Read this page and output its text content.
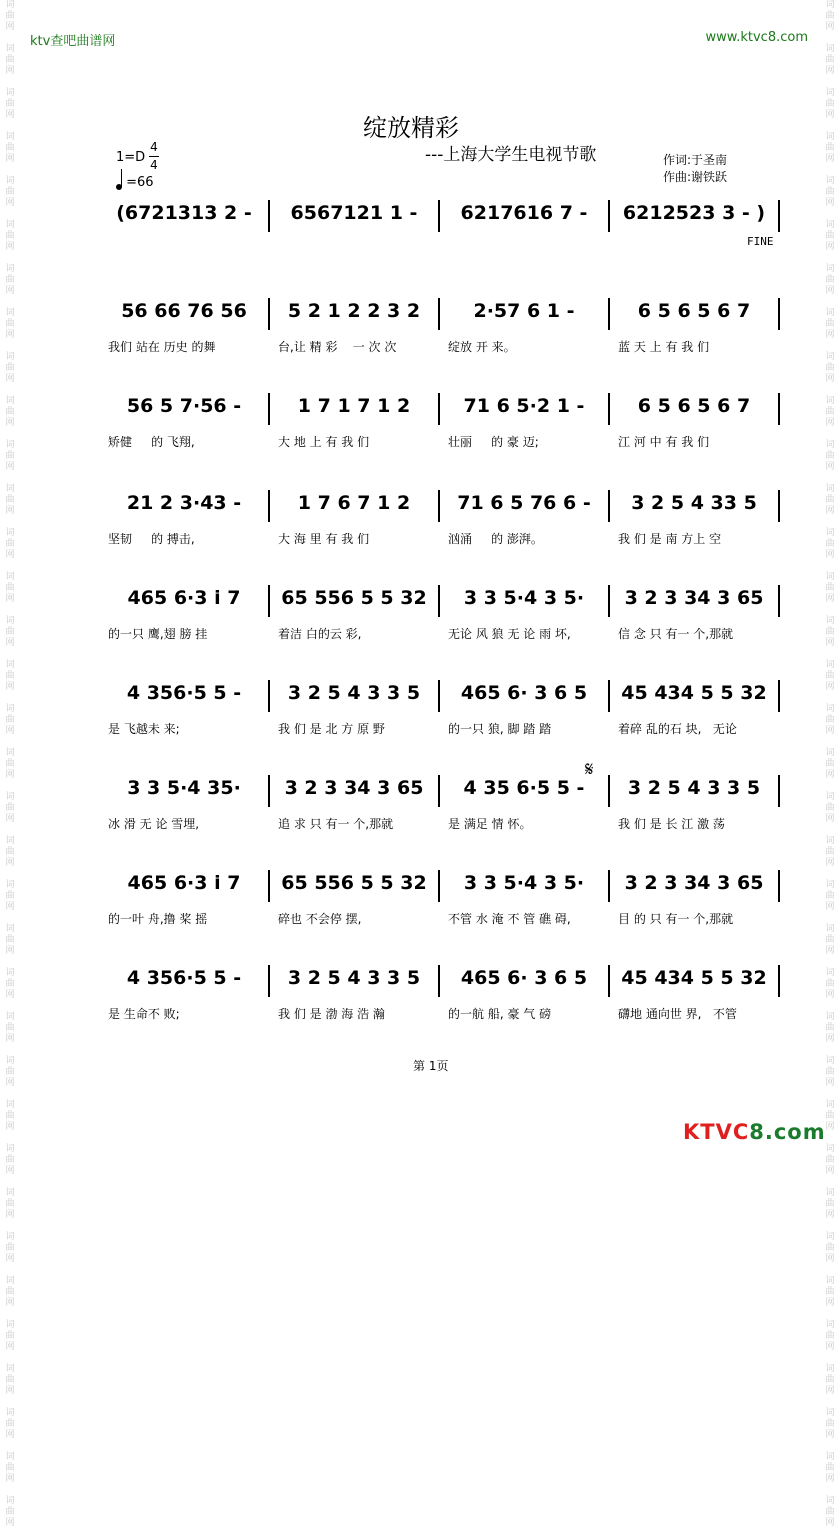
词
曲
网

词
曲
网

词
曲
网

词
曲
网

词
曲
网

词
曲
网

词
曲
网

词
曲
网

词
曲
网

词
曲
网

词
曲
网

词
曲
网

词
曲
网

词
曲
网

词
曲
网

词
曲
网

词
曲
网

词
曲
网

词
曲
网

词
曲
网

词
曲
网

词
曲
网

词
曲
网

词
曲
网

词
曲
网

词
曲
网

词
曲
网

词
曲
网

词
曲
网

词
曲
网

词
曲
网

词
曲
网

词
曲
网

词
曲
网

词
曲
网

词
曲
网

词
曲
网

词
曲
网

词
曲
网

词
曲
网

词
曲
网

词
曲
网

词
曲
网

词
曲
网

词
曲
网

词
曲
网

词
曲
网

词
曲
网

词
曲
网

词
曲
网

词
曲
网

词
曲
网

词
曲
网

词
曲
网

词
曲
网

词
曲
网

词
曲
网

词
曲
网

词
曲
网

词
曲
网

词
曲
网

词
曲
网

词
曲
网

词
曲
网

词
曲
网

词
曲
网

词
曲
网

词
曲
网

词
曲
网

词
曲
网

ktv查吧曲谱网	www.ktvc8.com
绽放精彩
---上海大学生电视节歌
1=D
4
4
=66
作词:于圣南
作曲:谢铁跃
(6721313 2 -	6567121 1 -	6217616 7 -	6212523 3 - )
56 66 76 56	5 2 1 2 2 3 2	2·57 6 1 -	6 5 6 5 6 7
我们 站在 历史 的舞	台,让 精 彩    一 次 次	绽放 开 来。	蓝 天 上 有 我 们
56 5 7·56 -	1 7 1 7 1 2	71 6 5·2 1 -	6 5 6 5 6 7
矫健     的 飞翔,	大 地 上 有 我 们	壮丽     的 豪 迈;	江 河 中 有 我 们
21 2 3·43 -	1 7 6 7 1 2	71 6 5 76 6 -	3 2 5 4 33 5
坚韧     的 搏击,	大 海 里 有 我 们	汹涌     的 澎湃。	我 们 是 南 方上 空
465 6·3 i 7	65 556 5 5 32	3 3 5·4 3 5·	3 2 3 34 3 65
的一只 鹰,翅 膀 挂	着洁 白的云 彩,	无论 风 狼 无 论 雨 坏,	信 念 只 有一 个,那就
4 356·5 5 -	3 2 5 4 3 3 5	465 6· 3 6 5	45 434 5 5 32
是 飞越未 来;	我 们 是 北 方 原 野	的一只 狼, 脚 踏 踏	着碎 乱的石 块,   无论
3 3 5·4 35·	3 2 3 34 3 65	4 35 6·5 5 -	3 2 5 4 3 3 5
冰 滑 无 论 雪埋,	追 求 只 有一 个,那就	是 满足 情 怀。	我 们 是 长 江 激 荡
465 6·3 i 7	65 556 5 5 32	3 3 5·4 3 5·	3 2 3 34 3 65
的一叶 舟,撸 桨 摇	碎也 不会停 摆,	不管 水 淹 不 管 礁 碍,	目 的 只 有一 个,那就
4 356·5 5 -	3 2 5 4 3 3 5	465 6· 3 6 5	45 434 5 5 32
是 生命不 败;	我 们 是 渤 海 浩 瀚	的一航 船, 豪 气 磅	礴地 通向世 界,   不管
FINE
𝄋
第 1页
KTVC8.com
